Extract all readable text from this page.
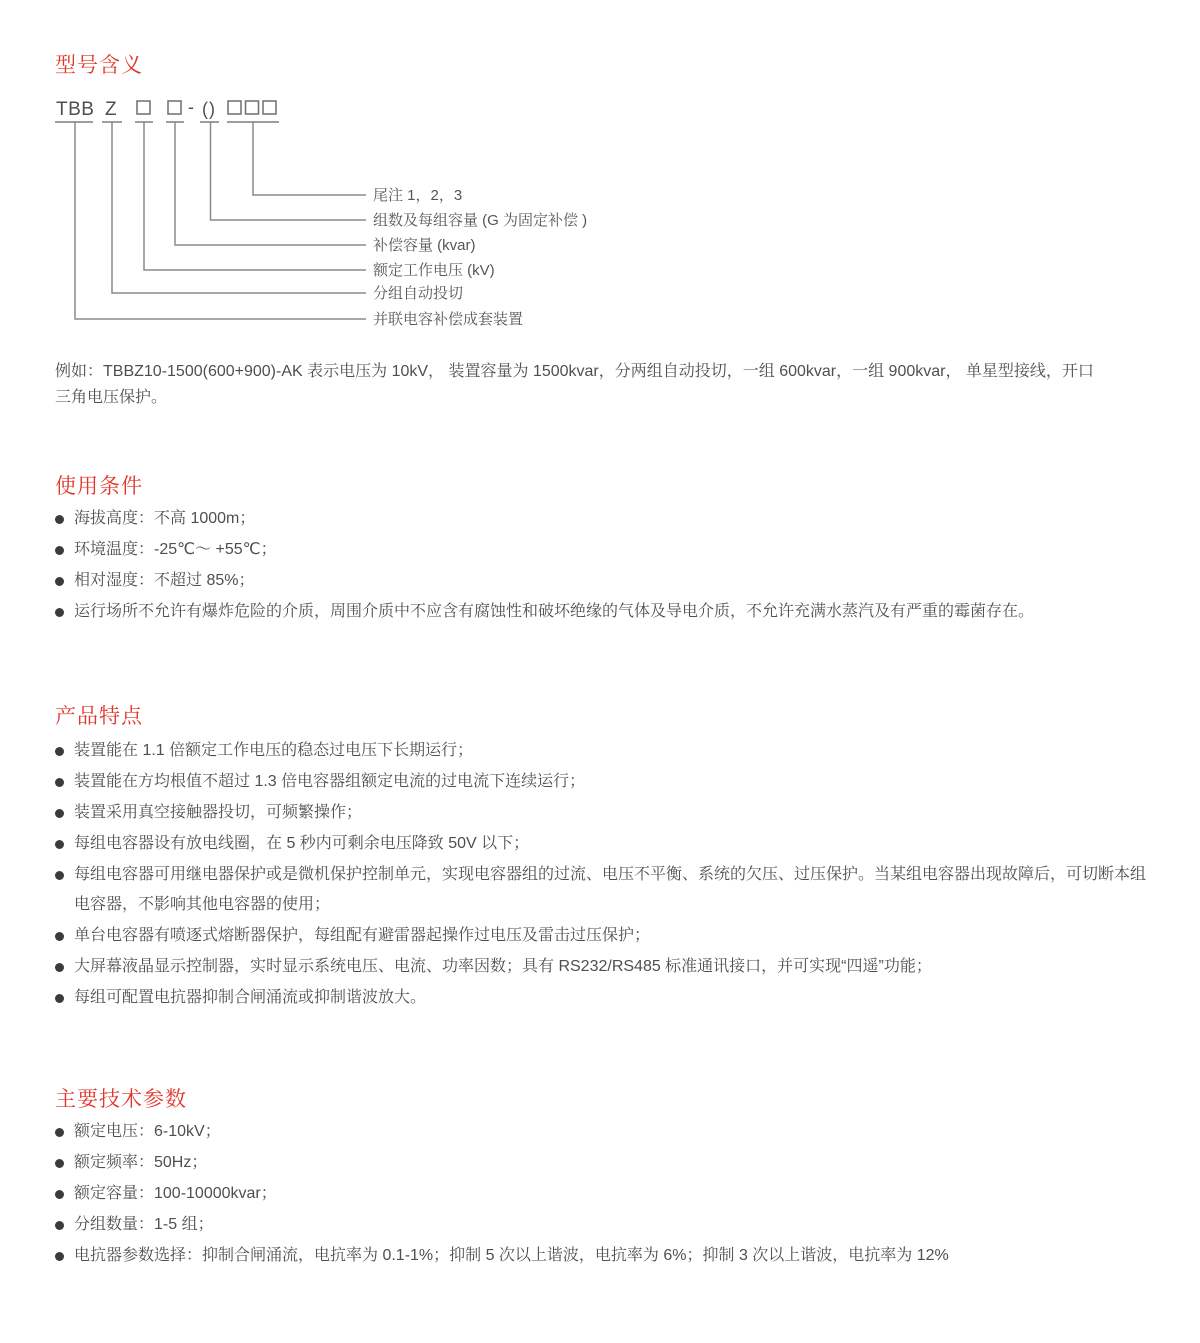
型号含义
TBB Z	- ()
尾注 1，2，3
组数及每组容量 (G 为固定补偿 )
补偿容量 (kvar)
额定工作电压 (kV)
分组自动投切
并联电容补偿成套装置

例如：TBBZ10-1500(600+900)-AK 表示电压为 10kV， 装置容量为 1500kvar，分两组自动投切，一组 600kvar，一组 900kvar， 单星型接线，开口
三角电压保护。

使用条件
海拔高度：不高 1000m；
环境温度：-25℃～ +55℃；
相对湿度：不超过 85%；
运行场所不允许有爆炸危险的介质，周围介质中不应含有腐蚀性和破坏绝缘的气体及导电介质，不允许充满水蒸汽及有严重的霉菌存在。
产品特点
装置能在 1.1 倍额定工作电压的稳态过电压下长期运行；
装置能在方均根值不超过 1.3 倍电容器组额定电流的过电流下连续运行；
装置采用真空接触器投切，可频繁操作；
每组电容器设有放电线圈，在 5 秒内可剩余电压降致 50V 以下；
每组电容器可用继电器保护或是微机保护控制单元，实现电容器组的过流、电压不平衡、系统的欠压、过压保护。当某组电容器出现故障后，可切断本组电容器，不影响其他电容器的使用；
单台电容器有喷逐式熔断器保护，每组配有避雷器起操作过电压及雷击过压保护；
大屏幕液晶显示控制器，实时显示系统电压、电流、功率因数；具有 RS232/RS485 标准通讯接口，并可实现“四遥”功能；
每组可配置电抗器抑制合闸涌流或抑制谐波放大。
主要技术参数
额定电压：6-10kV；
额定频率：50Hz；
额定容量：100-10000kvar；
分组数量：1-5 组；
电抗器参数选择：抑制合闸涌流，电抗率为 0.1-1%；抑制 5 次以上谐波，电抗率为 6%；抑制 3 次以上谐波，电抗率为 12%
